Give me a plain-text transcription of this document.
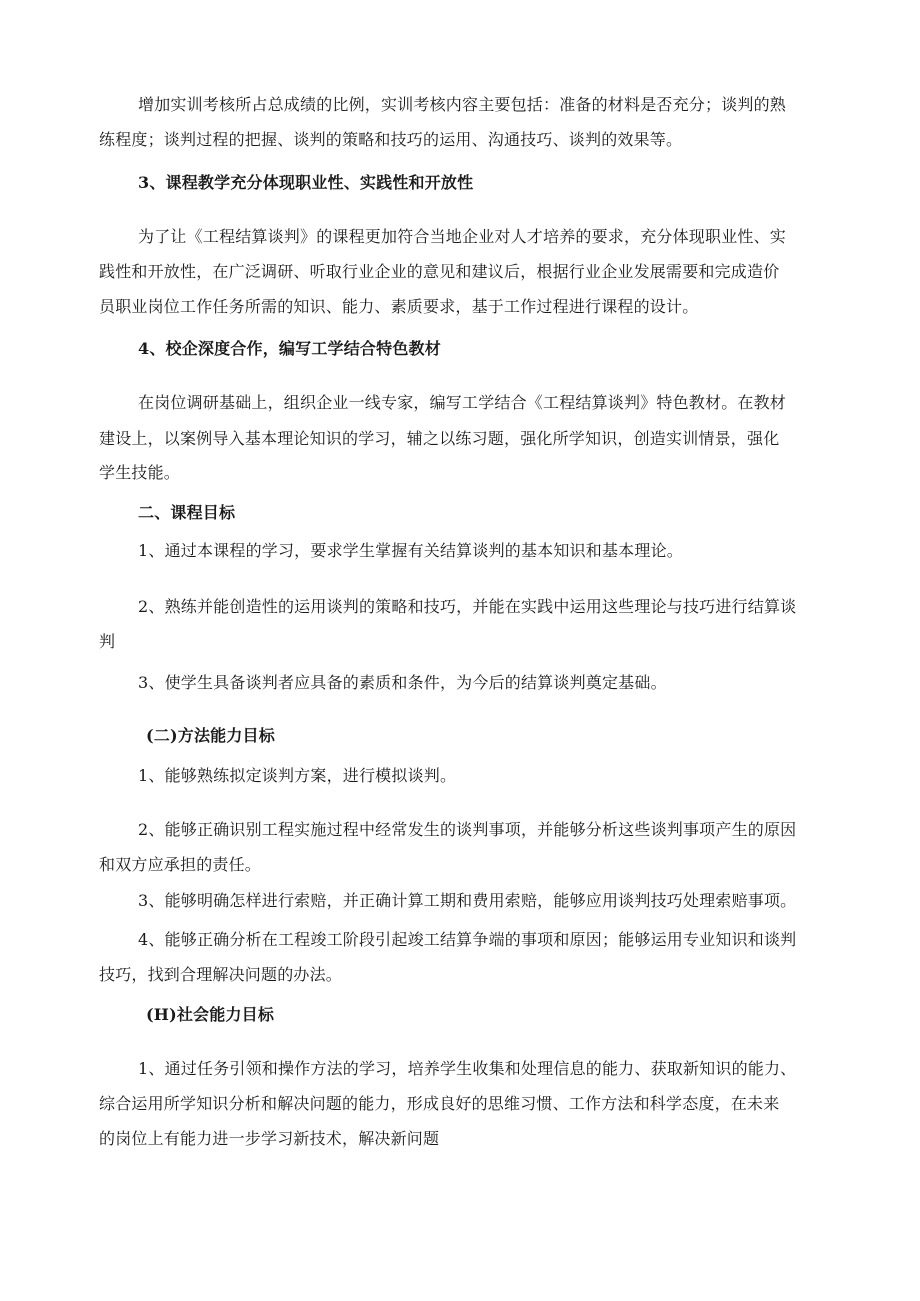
增加实训考核所占总成绩的比例，实训考核内容主要包括：准备的材料是否充分；谈判的熟
练程度；谈判过程的把握、谈判的策略和技巧的运用、沟通技巧、谈判的效果等。
3、课程教学充分体现职业性、实践性和开放性
为了让《工程结算谈判》的课程更加符合当地企业对人才培养的要求，充分体现职业性、实
践性和开放性，在广泛调研、听取行业企业的意见和建议后，根据行业企业发展需要和完成造价
员职业岗位工作任务所需的知识、能力、素质要求，基于工作过程进行课程的设计。
4、校企深度合作，编写工学结合特色教材
在岗位调研基础上，组织企业一线专家，编写工学结合《工程结算谈判》特色教材。在教材
建设上，以案例导入基本理论知识的学习，辅之以练习题，强化所学知识，创造实训情景，强化
学生技能。
二、课程目标
1、通过本课程的学习，要求学生掌握有关结算谈判的基本知识和基本理论。
2、熟练并能创造性的运用谈判的策略和技巧，并能在实践中运用这些理论与技巧进行结算谈
判
3、使学生具备谈判者应具备的素质和条件，为今后的结算谈判奠定基础。
(二)方法能力目标
1、能够熟练拟定谈判方案，进行模拟谈判。
2、能够正确识别工程实施过程中经常发生的谈判事项，并能够分析这些谈判事项产生的原因
和双方应承担的责任。
3、能够明确怎样进行索赔，并正确计算工期和费用索赔，能够应用谈判技巧处理索赔事项。
4、能够正确分析在工程竣工阶段引起竣工结算争端的事项和原因；能够运用专业知识和谈判
技巧，找到合理解决问题的办法。
(H)社会能力目标
1、通过任务引领和操作方法的学习，培养学生收集和处理信息的能力、获取新知识的能力、
综合运用所学知识分析和解决问题的能力，形成良好的思维习惯、工作方法和科学态度，在未来
的岗位上有能力进一步学习新技术，解决新问题
